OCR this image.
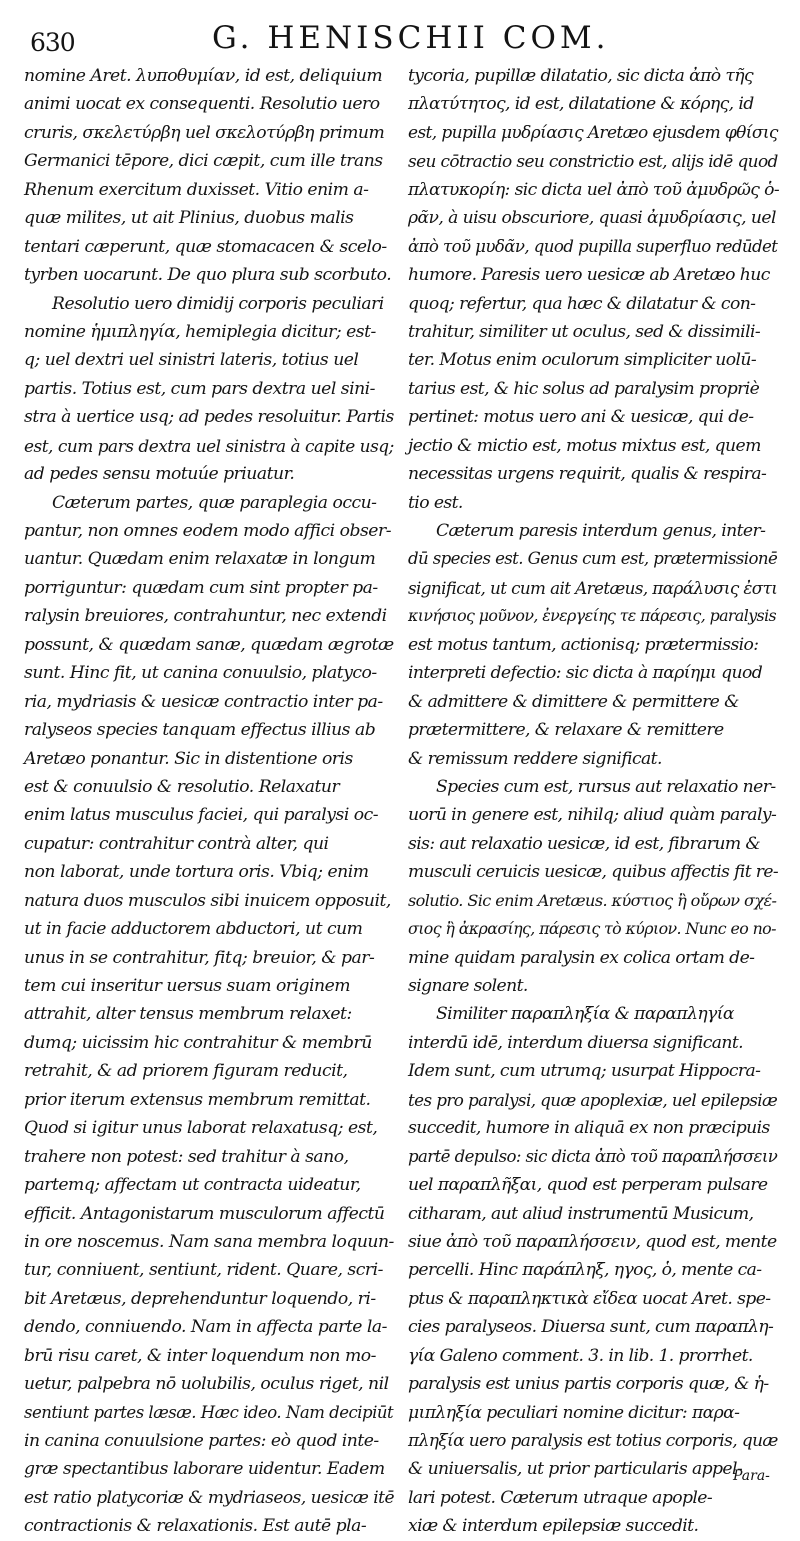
630	G. HENISCHII COM.

nomine Aret. λυποθυμίαν, id est, deliquium

animi uocat ex consequenti. Resolutio uero

cruris, σκελετύρβη uel σκελοτύρβη primum

Germanici tēpore, dici cæpit, cum ille trans

Rhenum exercitum duxisset. Vitio enim a-

quæ milites, ut ait Plinius, duobus malis

tentari cæperunt, quæ stomacacen & scelo-

tyrben uocarunt. De quo plura sub scorbuto.

Resolutio uero dimidij corporis peculiari

nomine ἡμιπληγία, hemiplegia dicitur; est-

q; uel dextri uel sinistri lateris, totius uel

partis. Totius est, cum pars dextra uel sini-

stra à uertice usq; ad pedes resoluitur. Partis

est, cum pars dextra uel sinistra à capite usq;

ad pedes sensu motuúe priuatur.

Cæterum partes, quæ paraplegia occu-

pantur, non omnes eodem modo affici obser-

uantur. Quædam enim relaxatæ in longum

porriguntur: quædam cum sint propter pa-

ralysin breuiores, contrahuntur, nec extendi

possunt, & quædam sanæ, quædam ægrotæ

sunt. Hinc fit, ut canina conuulsio, platyco-

ria, mydriasis & uesicæ contractio inter pa-

ralyseos species tanquam effectus illius ab

Aretæo ponantur. Sic in distentione oris

est & conuulsio & resolutio. Relaxatur

enim latus musculus faciei, qui paralysi oc-

cupatur: contrahitur contrà alter, qui

non laborat, unde tortura oris. Vbiq; enim

natura duos musculos sibi inuicem opposuit,

ut in facie adductorem abductori, ut cum

unus in se contrahitur, fitq; breuior, & par-

tem cui inseritur uersus suam originem

attrahit, alter tensus membrum relaxet:

dumq; uicissim hic contrahitur & membrū

retrahit, & ad priorem figuram reducit,

prior iterum extensus membrum remittat.

Quod si igitur unus laborat relaxatusq; est,

trahere non potest: sed trahitur à sano,

partemq; affectam ut contracta uideatur,

efficit. Antagonistarum musculorum affectū

in ore noscemus. Nam sana membra loquun-

tur, conniuent, sentiunt, rident. Quare, scri-

bit Aretæus, deprehenduntur loquendo, ri-

dendo, conniuendo. Nam in affecta parte la-

brū risu caret, & inter loquendum non mo-

uetur, palpebra nō uolubilis, oculus riget, nil

sentiunt partes læsæ. Hæc ideo. Nam decipiūt

in canina conuulsione partes: eò quod inte-

græ spectantibus laborare uidentur. Eadem

est ratio platycoriæ & mydriaseos, uesicæ itē

contractionis & relaxationis. Est autē pla-

tycoria, pupillæ dilatatio, sic dicta ἀπὸ τῆς

πλατύτητος, id est, dilatatione & κόρης, id

est, pupilla μυδρίασις Aretæo ejusdem φθίσις

seu cōtractio seu constrictio est, alijs idē quod

πλατυκορίη: sic dicta uel ἀπὸ τοῦ ἀμυδρῶς ὁ-

ρᾶν, à uisu obscuriore, quasi ἀμυδρίασις, uel

ἀπὸ τοῦ μυδᾶν, quod pupilla superfluo redūdet

humore. Paresis uero uesicæ ab Aretæo huc

quoq; refertur, qua hæc & dilatatur & con-

trahitur, similiter ut oculus, sed & dissimili-

ter. Motus enim oculorum simpliciter uolū-

tarius est, & hic solus ad paralysim propriè

pertinet: motus uero ani & uesicæ, qui de-

jectio & mictio est, motus mixtus est, quem

necessitas urgens requirit, qualis & respira-

tio est.

Cæterum paresis interdum genus, inter-

dū species est. Genus cum est, prætermissionē

significat, ut cum ait Aretæus, παράλυσις ἐστι

κινήσιος μοῦνον, ἐνεργείης τε πάρεσις, paralysis

est motus tantum, actionisq; prætermissio:

interpreti defectio: sic dicta à παρίημι quod

& admittere & dimittere & permittere &

prætermittere, & relaxare & remittere

& remissum reddere significat.

Species cum est, rursus aut relaxatio ner-

uorū in genere est, nihilq; aliud quàm paraly-

sis: aut relaxatio uesicæ, id est, fibrarum &

musculi ceruicis uesicæ, quibus affectis fit re-

solutio. Sic enim Aretæus. κύστιος ἢ οὔρων σχέ-

σιος ἢ ἀκρασίης, πάρεσις τὸ κύριον. Nunc eo no-

mine quidam paralysin ex colica ortam de-

signare solent.

Similiter παραπληξία & παραπληγία

interdū idē, interdum diuersa significant.

Idem sunt, cum utrumq; usurpat Hippocra-

tes pro paralysi, quæ apoplexiæ, uel epilepsiæ

succedit, humore in aliquā ex non præcipuis

partē depulso: sic dicta ἀπὸ τοῦ παραπλήσσειν

uel παραπλῆξαι, quod est perperam pulsare

citharam, aut aliud instrumentū Musicum,

siue ἀπὸ τοῦ παραπλήσσειν, quod est, mente

percelli. Hinc παράπληξ, ηγος, ὁ, mente ca-

ptus & παραπληκτικὰ εἴδεα uocat Aret. spe-

cies paralyseos. Diuersa sunt, cum παραπλη-

γία Galeno comment. 3. in lib. 1. prorrhet.

paralysis est unius partis corporis quæ, & ἡ-

μιπληξία peculiari nomine dicitur: παρα-

πληξία uero paralysis est totius corporis, quæ

& uniuersalis, ut prior particularis appel-

lari potest. Cæterum utraque apople-

xiæ & interdum epilepsiæ succedit.

Para-
